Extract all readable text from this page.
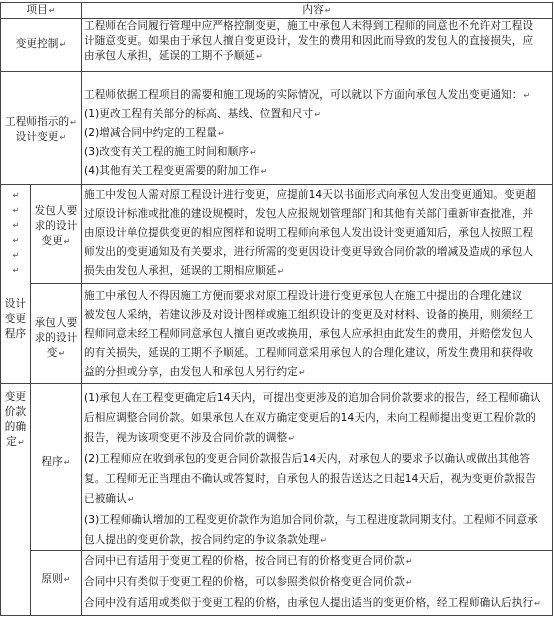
项目↵	内容↵
变更控制↵
工程师在合同履行管理中应严格控制变更，施工中承包人未得到工程师的同意也不允许对工程设
计随意变更。如果由于承包人擅自变更设计，发生的费用和因此而导致的发包人的直接损失，应
由承包人承担，延误的工期不予顺延↵
工程师指示的↵
设计变更↵
工程师依据工程项目的需要和施工现场的实际情况，可以就以下方面向承包人发出变更通知：↵
(1)更改工程有关部分的标高、基线、位置和尺寸↵
(2)增减合同中约定的工程量↵
(3)改变有关工程的施工时间和顺序↵
(4)其他有关工程变更需要的附加工作↵
设计
变更
程序
↵
↵
↵
↵
↵
↵
发包人要
求的设计
变更↵
施工中发包人需对原工程设计进行变更，应提前14天以书面形式向承包人发出变更通知。变更超
过原设计标准或批准的建设规模时，发包人应报规划管理部门和其他有关部门重新审查批准，并
由原设计单位提供变更的相应图样和说明工程师向承包人发出设计变更通知后，承包人按照工程
师发出的变更通知及有关要求，进行所需的变更因设计变更导致合同价款的增减及造成的承包人
损失由发包人承担，延误的工期相应顺延↵
承包人要
求的设计
变↵
施工中承包人不得因施工方便而要求对原工程设计进行变更承包人在施工中提出的合理化建议
被发包人采纳，若建议涉及对设计图样或施工组织设计的变更及对材料、设备的换用，则须经工
程师同意未经工程师同意承包人擅自更改或换用，承包人应承担由此发生的费用，并赔偿发包人
的有关损失，延误的工期不予顺延。工程师同意采用承包人的合理化建议，所发生费用和获得收
益的分担或分享，由发包人和承包人另行约定↵
变更
价款
的确
定↵
程序↵
(1)承包人在工程变更确定后14天内，可提出变更涉及的追加合同价款要求的报告，经工程师确认
后相应调整合同价款。如果承包人在双方确定变更后的14天内，未向工程师提出变更工程价款的
报告，视为该项变更不涉及合同价款的调整↵
(2)工程师应在收到承包的变更合同价款报告后14天内，对承包人的要求予以确认或做出其他答
复。工程师无正当理由不确认或答复时，自承包人的报告送达之日起14天后，视为变更价款报告
已被确认↵
(3)工程师确认增加的工程变更价款作为追加合同价款，与工程进度款同期支付。工程师不同意承
包人提出的变更价款，按合同约定的争议条款处理↵
原则↵
合同中已有适用于变更工程的价格，按合同已有的价格变更合同价款↵
合同中只有类似于变更工程的价格，可以参照类似价格变更合同价款↵
合同中没有适用或类似于变更工程的价格，由承包人提出适当的变更价格，经工程师确认后执行↵
